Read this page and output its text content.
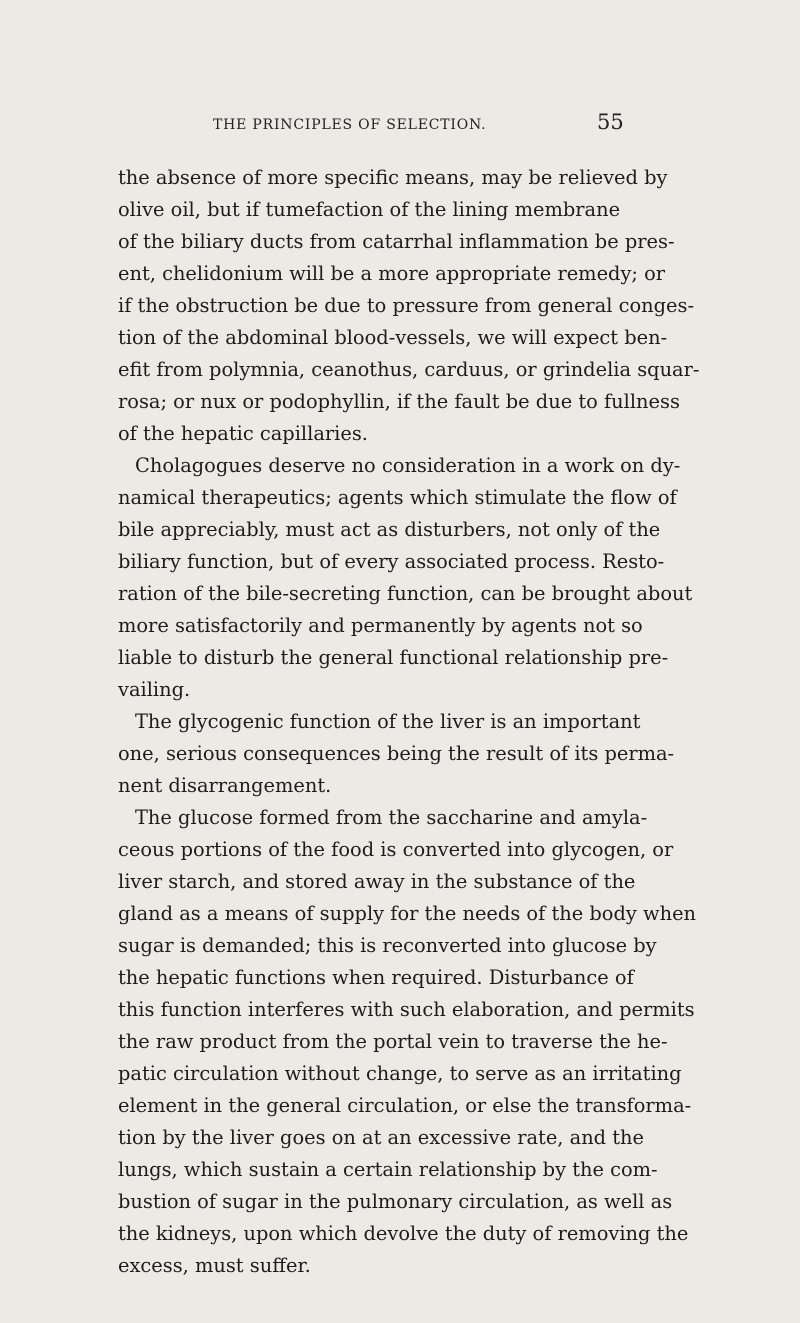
THE PRINCIPLES OF SELECTION.	55
the absence of more specific means, may be relieved by
olive oil, but if tumefaction of the lining membrane
of the biliary ducts from catarrhal inflammation be pres-
ent, chelidonium will be a more appropriate remedy; or
if the obstruction be due to pressure from general conges-
tion of the abdominal blood-vessels, we will expect ben-
efit from polymnia, ceanothus, carduus, or grindelia squar-
rosa; or nux or podophyllin, if the fault be due to fullness
of the hepatic capillaries.
Cholagogues deserve no consideration in a work on dy-
namical therapeutics; agents which stimulate the flow of
bile appreciably, must act as disturbers, not only of the
biliary function, but of every associated process. Resto-
ration of the bile-secreting function, can be brought about
more satisfactorily and permanently by agents not so
liable to disturb the general functional relationship pre-
vailing.
The glycogenic function of the liver is an important
one, serious consequences being the result of its perma-
nent disarrangement.
The glucose formed from the saccharine and amyla-
ceous portions of the food is converted into glycogen, or
liver starch, and stored away in the substance of the
gland as a means of supply for the needs of the body when
sugar is demanded; this is reconverted into glucose by
the hepatic functions when required. Disturbance of
this function interferes with such elaboration, and permits
the raw product from the portal vein to traverse the he-
patic circulation without change, to serve as an irritating
element in the general circulation, or else the transforma-
tion by the liver goes on at an excessive rate, and the
lungs, which sustain a certain relationship by the com-
bustion of sugar in the pulmonary circulation, as well as
the kidneys, upon which devolve the duty of removing the
excess, must suffer.
